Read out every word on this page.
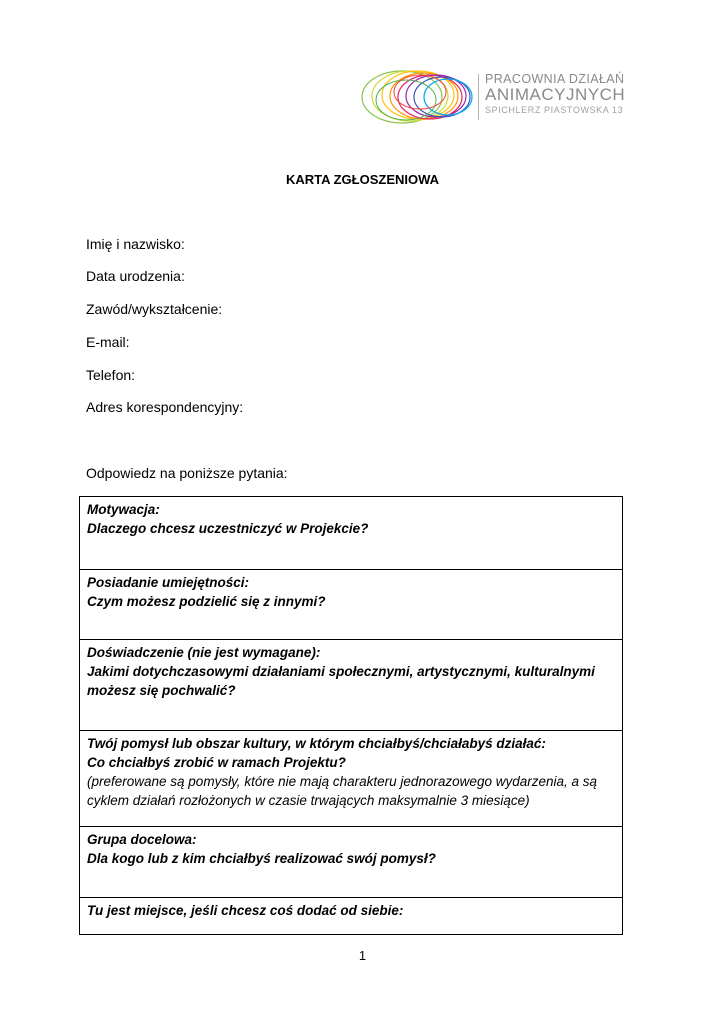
PRACOWNIA DZIAŁAŃ
ANIMACYJNYCH
SPICHLERZ PIASTOWSKA 13
KARTA ZGŁOSZENIOWA
Imię i nazwisko:
Data urodzenia:
Zawód/wykształcenie:
E-mail:
Telefon:
Adres korespondencyjny:
Odpowiedz na poniższe pytania:
Motywacja:
Dlaczego chcesz uczestniczyć w Projekcie?
Posiadanie umiejętności:
Czym możesz podzielić się z innymi?
Doświadczenie (nie jest wymagane):
Jakimi dotychczasowymi działaniami społecznymi, artystycznymi, kulturalnymi możesz się pochwalić?
Twój pomysł lub obszar kultury, w którym chciałbyś/chciałabyś działać:
Co chciałbyś zrobić w ramach Projektu?
(preferowane są pomysły, które nie mają charakteru jednorazowego wydarzenia, a są cyklem działań rozłożonych w czasie trwających maksymalnie 3 miesiące)
Grupa docelowa:
Dla kogo lub z kim chciałbyś realizować swój pomysł?
Tu jest miejsce, jeśli chcesz coś dodać od siebie:
1
